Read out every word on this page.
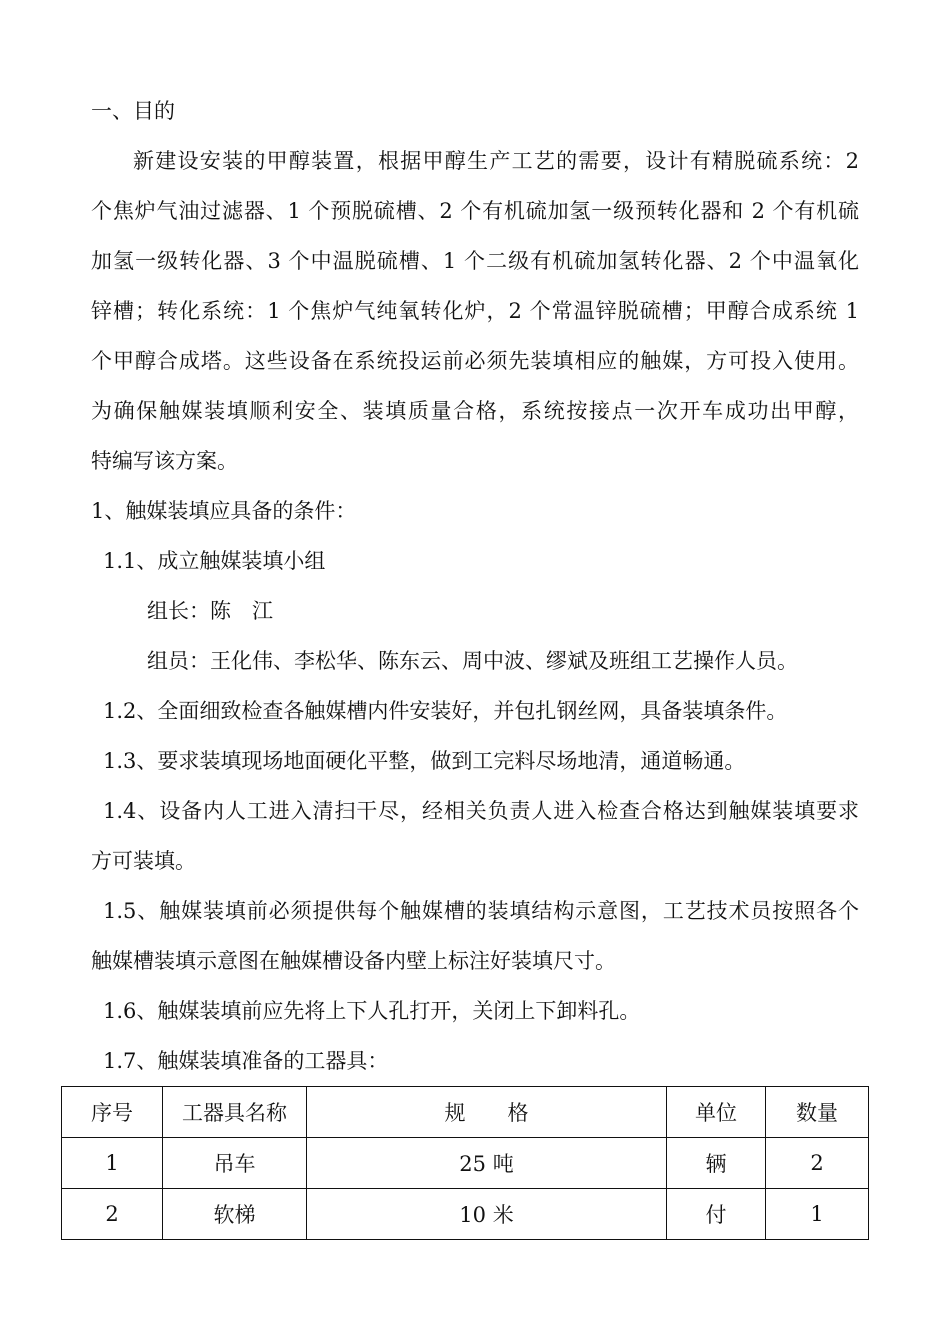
一、目的
新建设安装的甲醇装置，根据甲醇生产工艺的需要，设计有精脱硫系统：2
个焦炉气油过滤器、1 个预脱硫槽、2 个有机硫加氢一级预转化器和 2 个有机硫
加氢一级转化器、3 个中温脱硫槽、1 个二级有机硫加氢转化器、2 个中温氧化
锌槽；转化系统：1 个焦炉气纯氧转化炉，2 个常温锌脱硫槽；甲醇合成系统 1
个甲醇合成塔。这些设备在系统投运前必须先装填相应的触媒，方可投入使用。
为确保触媒装填顺利安全、装填质量合格，系统按接点一次开车成功出甲醇，
特编写该方案。
1、触媒装填应具备的条件：
1.1、成立触媒装填小组
组长：陈　江
组员：王化伟、李松华、陈东云、周中波、缪斌及班组工艺操作人员。
1.2、全面细致检查各触媒槽内件安装好，并包扎钢丝网，具备装填条件。
1.3、要求装填现场地面硬化平整，做到工完料尽场地清，通道畅通。
1.4、设备内人工进入清扫干尽，经相关负责人进入检查合格达到触媒装填要求
方可装填。
1.5、触媒装填前必须提供每个触媒槽的装填结构示意图，工艺技术员按照各个
触媒槽装填示意图在触媒槽设备内壁上标注好装填尺寸。
1.6、触媒装填前应先将上下人孔打开，关闭上下卸料孔。
1.7、触媒装填准备的工器具：
序号	工器具名称	规　　格	单位	数量
1	吊车	25 吨	辆	2
2	软梯	10 米	付	1
